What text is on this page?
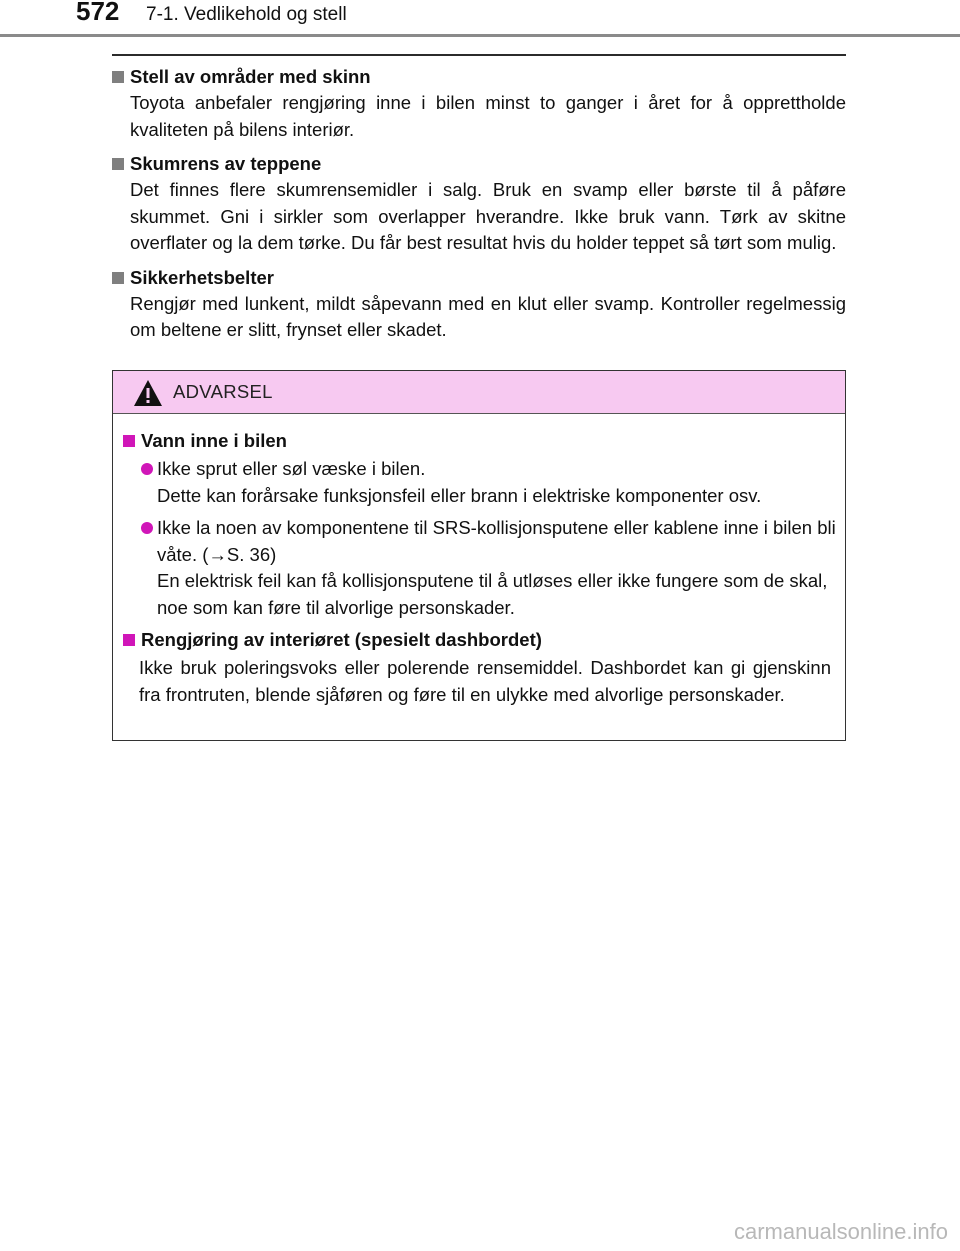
572 7-1. Vedlikehold og stell
Stell av områder med skinn
Toyota anbefaler rengjøring inne i bilen minst to ganger i året for å opprettholde kvaliteten på bilens interiør.
Skumrens av teppene
Det finnes flere skumrensemidler i salg. Bruk en svamp eller børste til å påføre skummet. Gni i sirkler som overlapper hverandre. Ikke bruk vann. Tørk av skitne overflater og la dem tørke. Du får best resultat hvis du holder teppet så tørt som mulig.
Sikkerhetsbelter
Rengjør med lunkent, mildt såpevann med en klut eller svamp. Kontroller regelmessig om beltene er slitt, frynset eller skadet.
ADVARSEL
Vann inne i bilen
Ikke sprut eller søl væske i bilen.
Dette kan forårsake funksjonsfeil eller brann i elektriske komponenter osv.
Ikke la noen av komponentene til SRS-kollisjonsputene eller kablene inne i bilen bli våte. (→S. 36)
En elektrisk feil kan få kollisjonsputene til å utløses eller ikke fungere som de skal, noe som kan føre til alvorlige personskader.
Rengjøring av interiøret (spesielt dashbordet)
Ikke bruk poleringsvoks eller polerende rensemiddel. Dashbordet kan gi gjenskinn fra frontruten, blende sjåføren og føre til en ulykke med alvorlige personskader.
carmanualsonline.info
